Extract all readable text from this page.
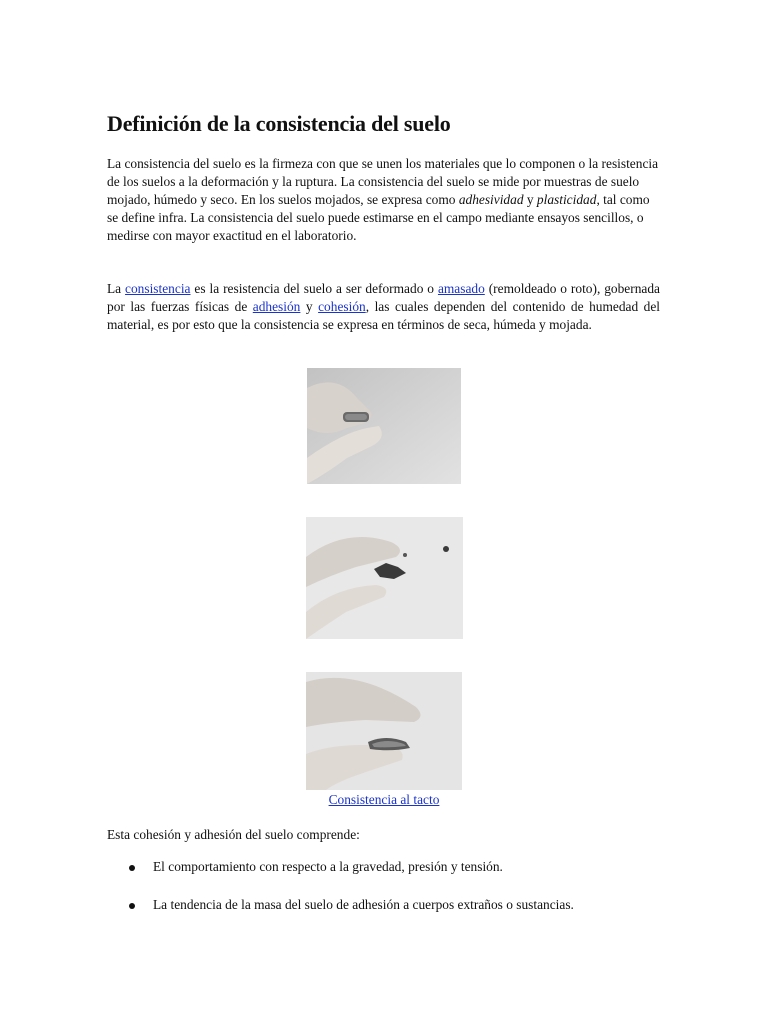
Definición de la consistencia del suelo

La consistencia del suelo es la firmeza con que se unen los materiales que lo componen o la resistencia de los suelos a la deformación y la ruptura. La consistencia del suelo se mide por muestras de suelo mojado, húmedo y seco. En los suelos mojados, se expresa como adhesividad y plasticidad, tal como se define infra. La consistencia del suelo puede estimarse en el campo mediante ensayos sencillos, o medirse con mayor exactitud en el laboratorio.

La consistencia es la resistencia del suelo a ser deformado o amasado (remoldeado o roto), gobernada por las fuerzas físicas de adhesión y cohesión, las cuales dependen del contenido de humedad del material, es por esto que la consistencia se expresa en términos de seca, húmeda y mojada.

Consistencia al tacto

Esta cohesión y adhesión del suelo comprende:

El comportamiento con respecto a la gravedad, presión y tensión.
La tendencia de la masa del suelo de adhesión a cuerpos extraños o sustancias.
